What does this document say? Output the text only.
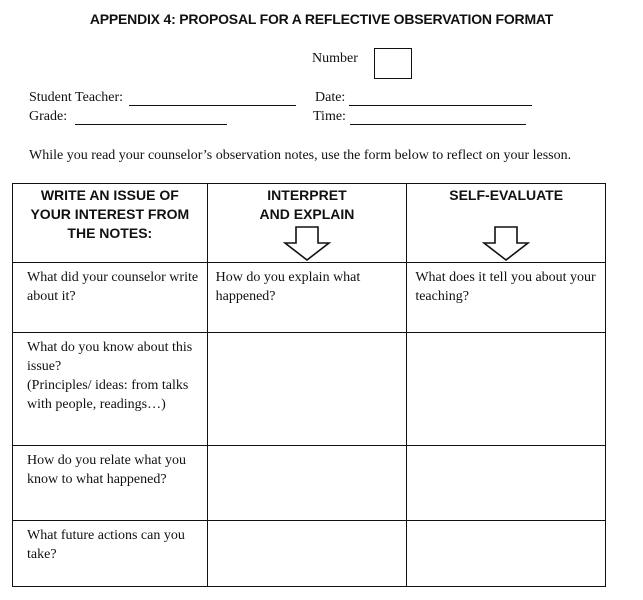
APPENDIX 4: PROPOSAL FOR A REFLECTIVE OBSERVATION FORMAT
Number
Student Teacher:	Date:
Grade:	Time:
While you read your counselor’s observation notes, use the form below to reflect on your lesson.
WRITE AN ISSUE OF YOUR INTEREST FROM THE NOTES:	INTERPRET AND EXPLAIN	SELF-EVALUATE

What did your counselor write about it?	How do you explain what happened?	What does it tell you about your teaching?

What do you know about this issue?
(Principles/ ideas: from talks with people, readings…)		

How do you relate what you know to what happened?		

What future actions can you take?		
